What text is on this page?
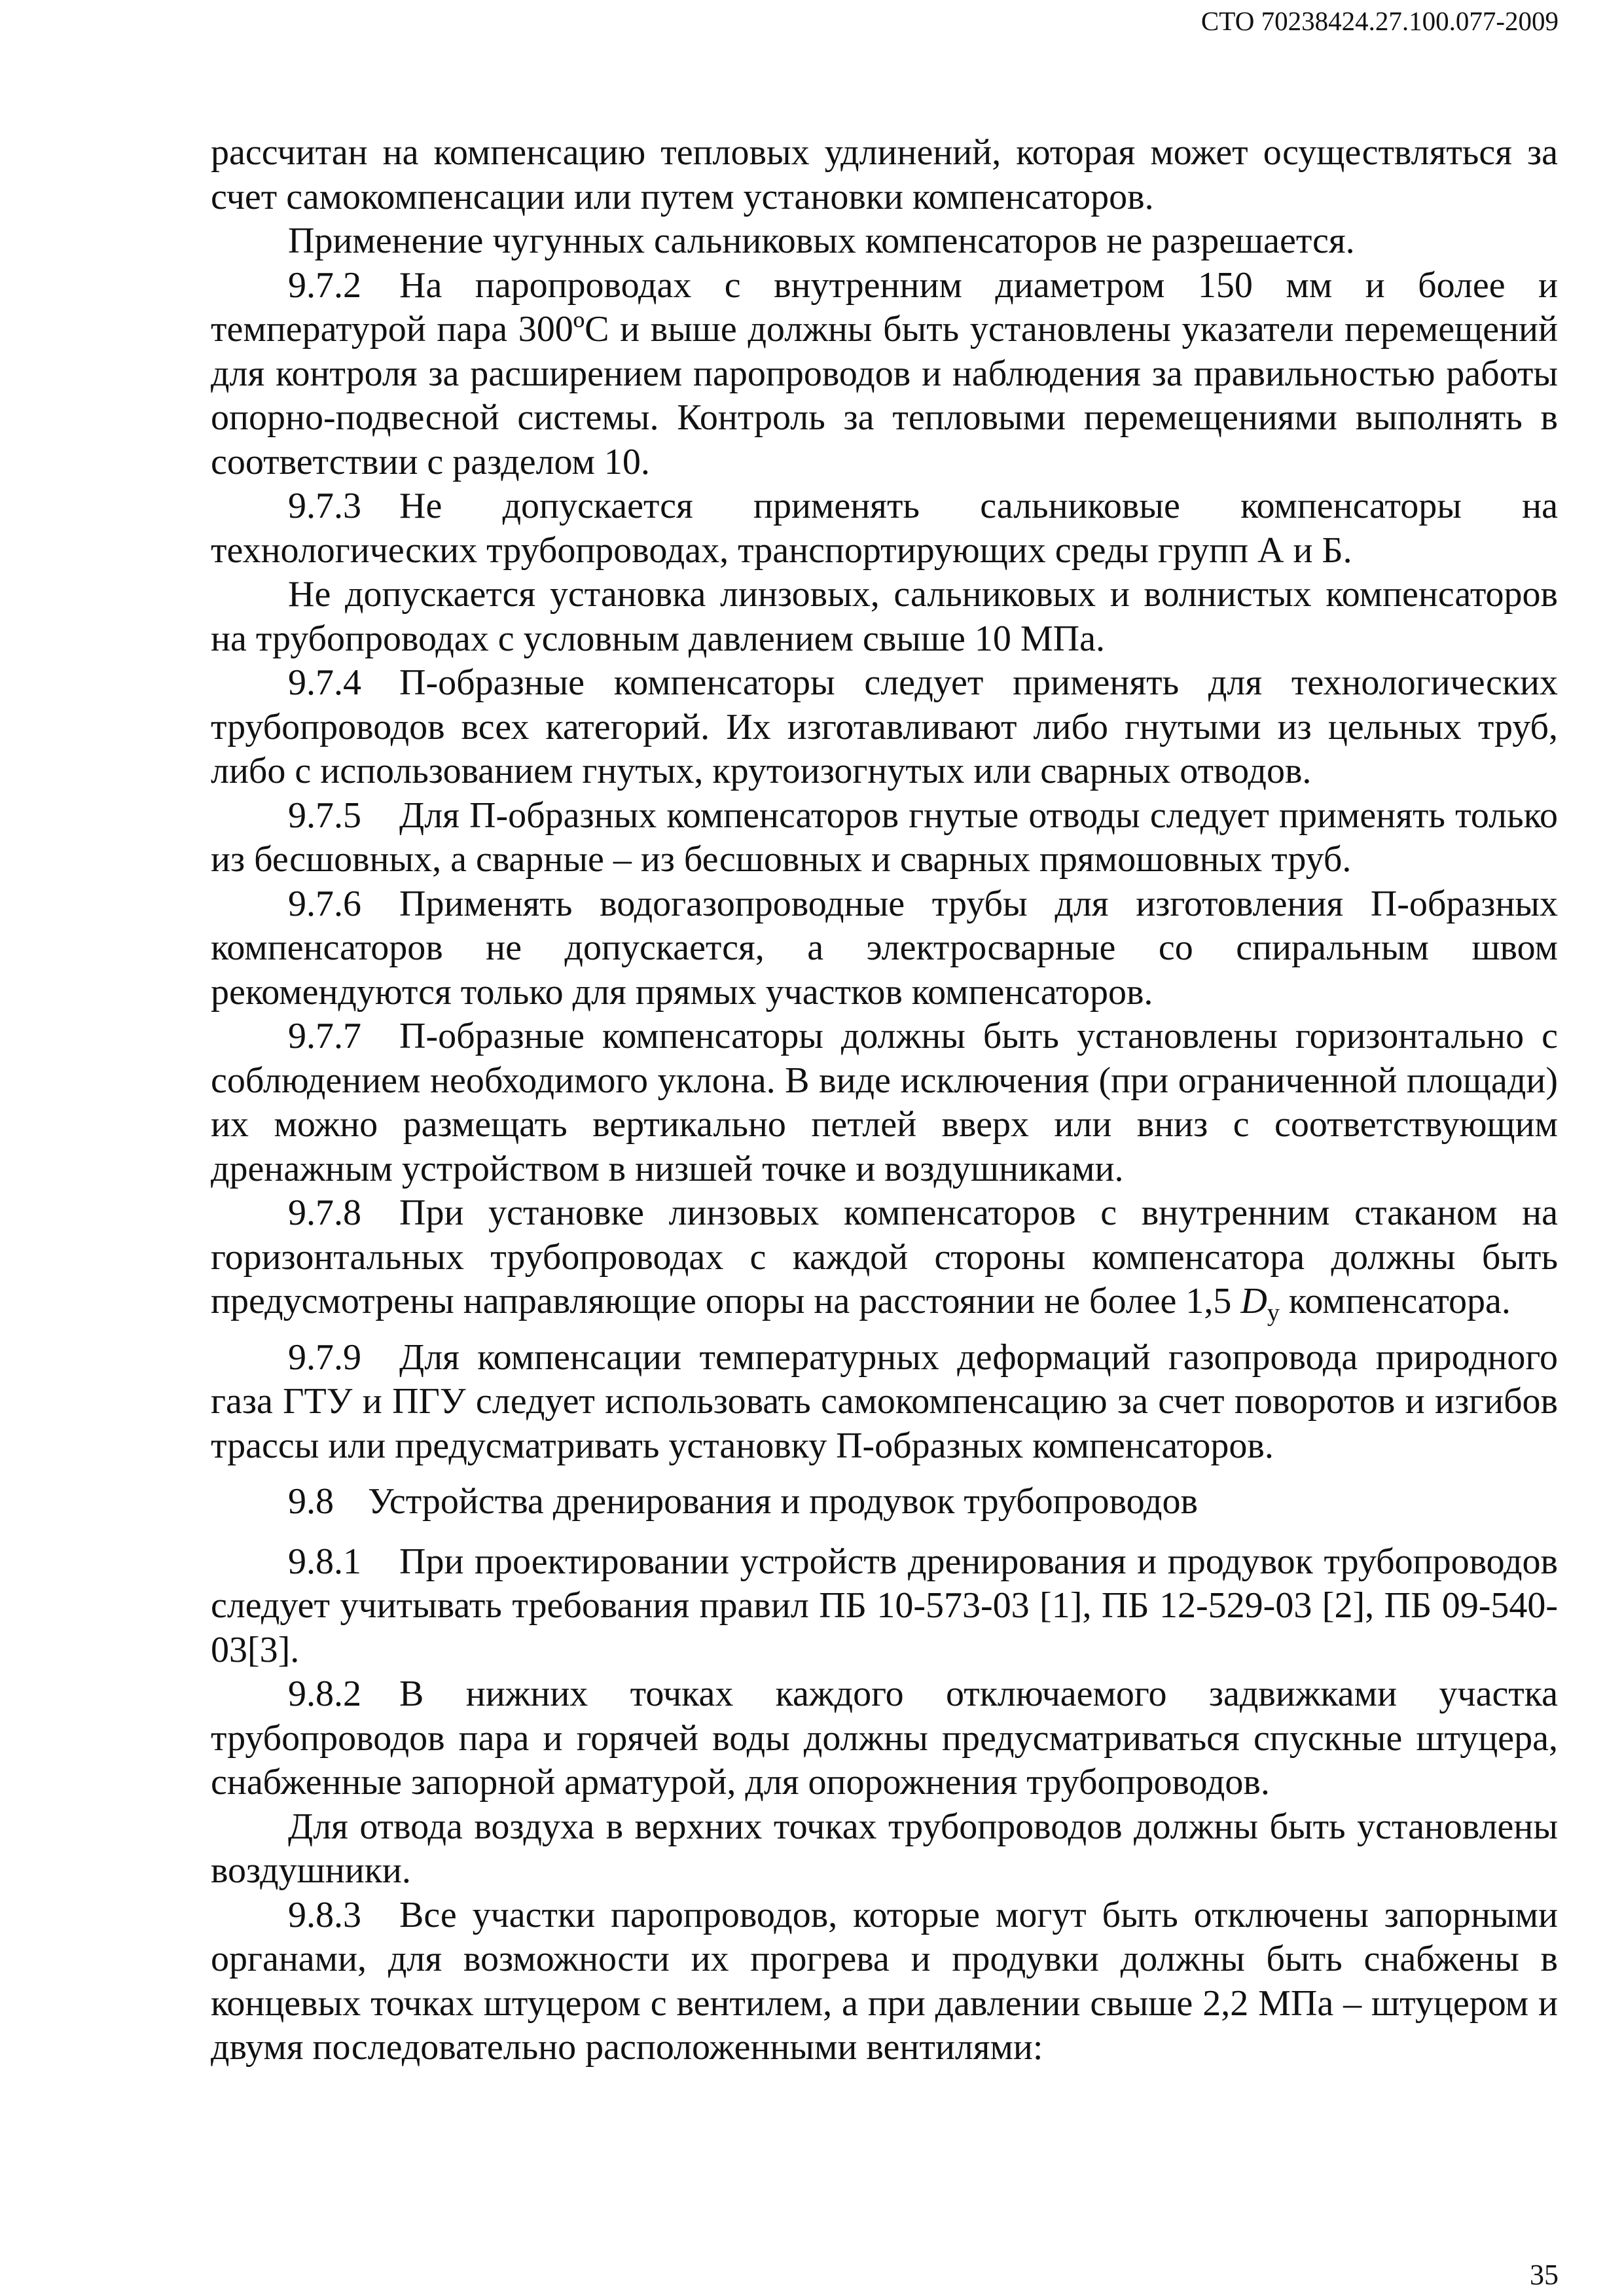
СТО 70238424.27.100.077-2009

рассчитан на компенсацию тепловых удлинений, которая может осуществляться за счет самокомпенсации или путем установки компенсаторов.

Применение чугунных сальниковых компенсаторов не разрешается.

9.7.2 На паропроводах с внутренним диаметром 150 мм и более и температурой пара 300ºС и выше должны быть установлены указатели перемещений для контроля за расширением паропроводов и наблюдения за правильностью работы опорно-подвесной системы. Контроль за тепловыми перемещениями выполнять в соответствии с разделом 10.

9.7.3 Не допускается применять сальниковые компенсаторы на технологических трубопроводах, транспортирующих среды групп А и Б.

Не допускается установка линзовых, сальниковых и волнистых компенсаторов на трубопроводах с условным давлением свыше 10 МПа.

9.7.4 П-образные компенсаторы следует применять для технологических трубопроводов всех категорий. Их изготавливают либо гнутыми из цельных труб, либо с использованием гнутых, крутоизогнутых или сварных отводов.

9.7.5 Для П-образных компенсаторов гнутые отводы следует применять только из бесшовных, а сварные – из бесшовных и сварных прямошовных труб.

9.7.6 Применять водогазопроводные трубы для изготовления П-образных компенсаторов не допускается, а электросварные со спиральным швом рекомендуются только для прямых участков компенсаторов.

9.7.7 П-образные компенсаторы должны быть установлены горизонтально с соблюдением необходимого уклона. В виде исключения (при ограниченной площади) их можно размещать вертикально петлей вверх или вниз с соответствующим дренажным устройством в низшей точке и воздушниками.

9.7.8 При установке линзовых компенсаторов с внутренним стаканом на горизонтальных трубопроводах с каждой стороны компенсатора должны быть предусмотрены направляющие опоры на расстоянии не более 1,5 $D_у$ компенсатора.

9.7.9 Для компенсации температурных деформаций газопровода природного газа ГТУ и ПГУ следует использовать самокомпенсацию за счет поворотов и изгибов трассы или предусматривать установку П-образных компенсаторов.

9.8 Устройства дренирования и продувок трубопроводов

9.8.1 При проектировании устройств дренирования и продувок трубопроводов следует учитывать требования правил ПБ 10-573-03 [1], ПБ 12-529-03 [2], ПБ 09-540-03[3].

9.8.2 В нижних точках каждого отключаемого задвижками участка трубопроводов пара и горячей воды должны предусматриваться спускные штуцера, снабженные запорной арматурой, для опорожнения трубопроводов.

Для отвода воздуха в верхних точках трубопроводов должны быть установлены воздушники.

9.8.3 Все участки паропроводов, которые могут быть отключены запорными органами, для возможности их прогрева и продувки должны быть снабжены в концевых точках штуцером с вентилем, а при давлении свыше 2,2 МПа – штуцером и двумя последовательно расположенными вентилями:

35
